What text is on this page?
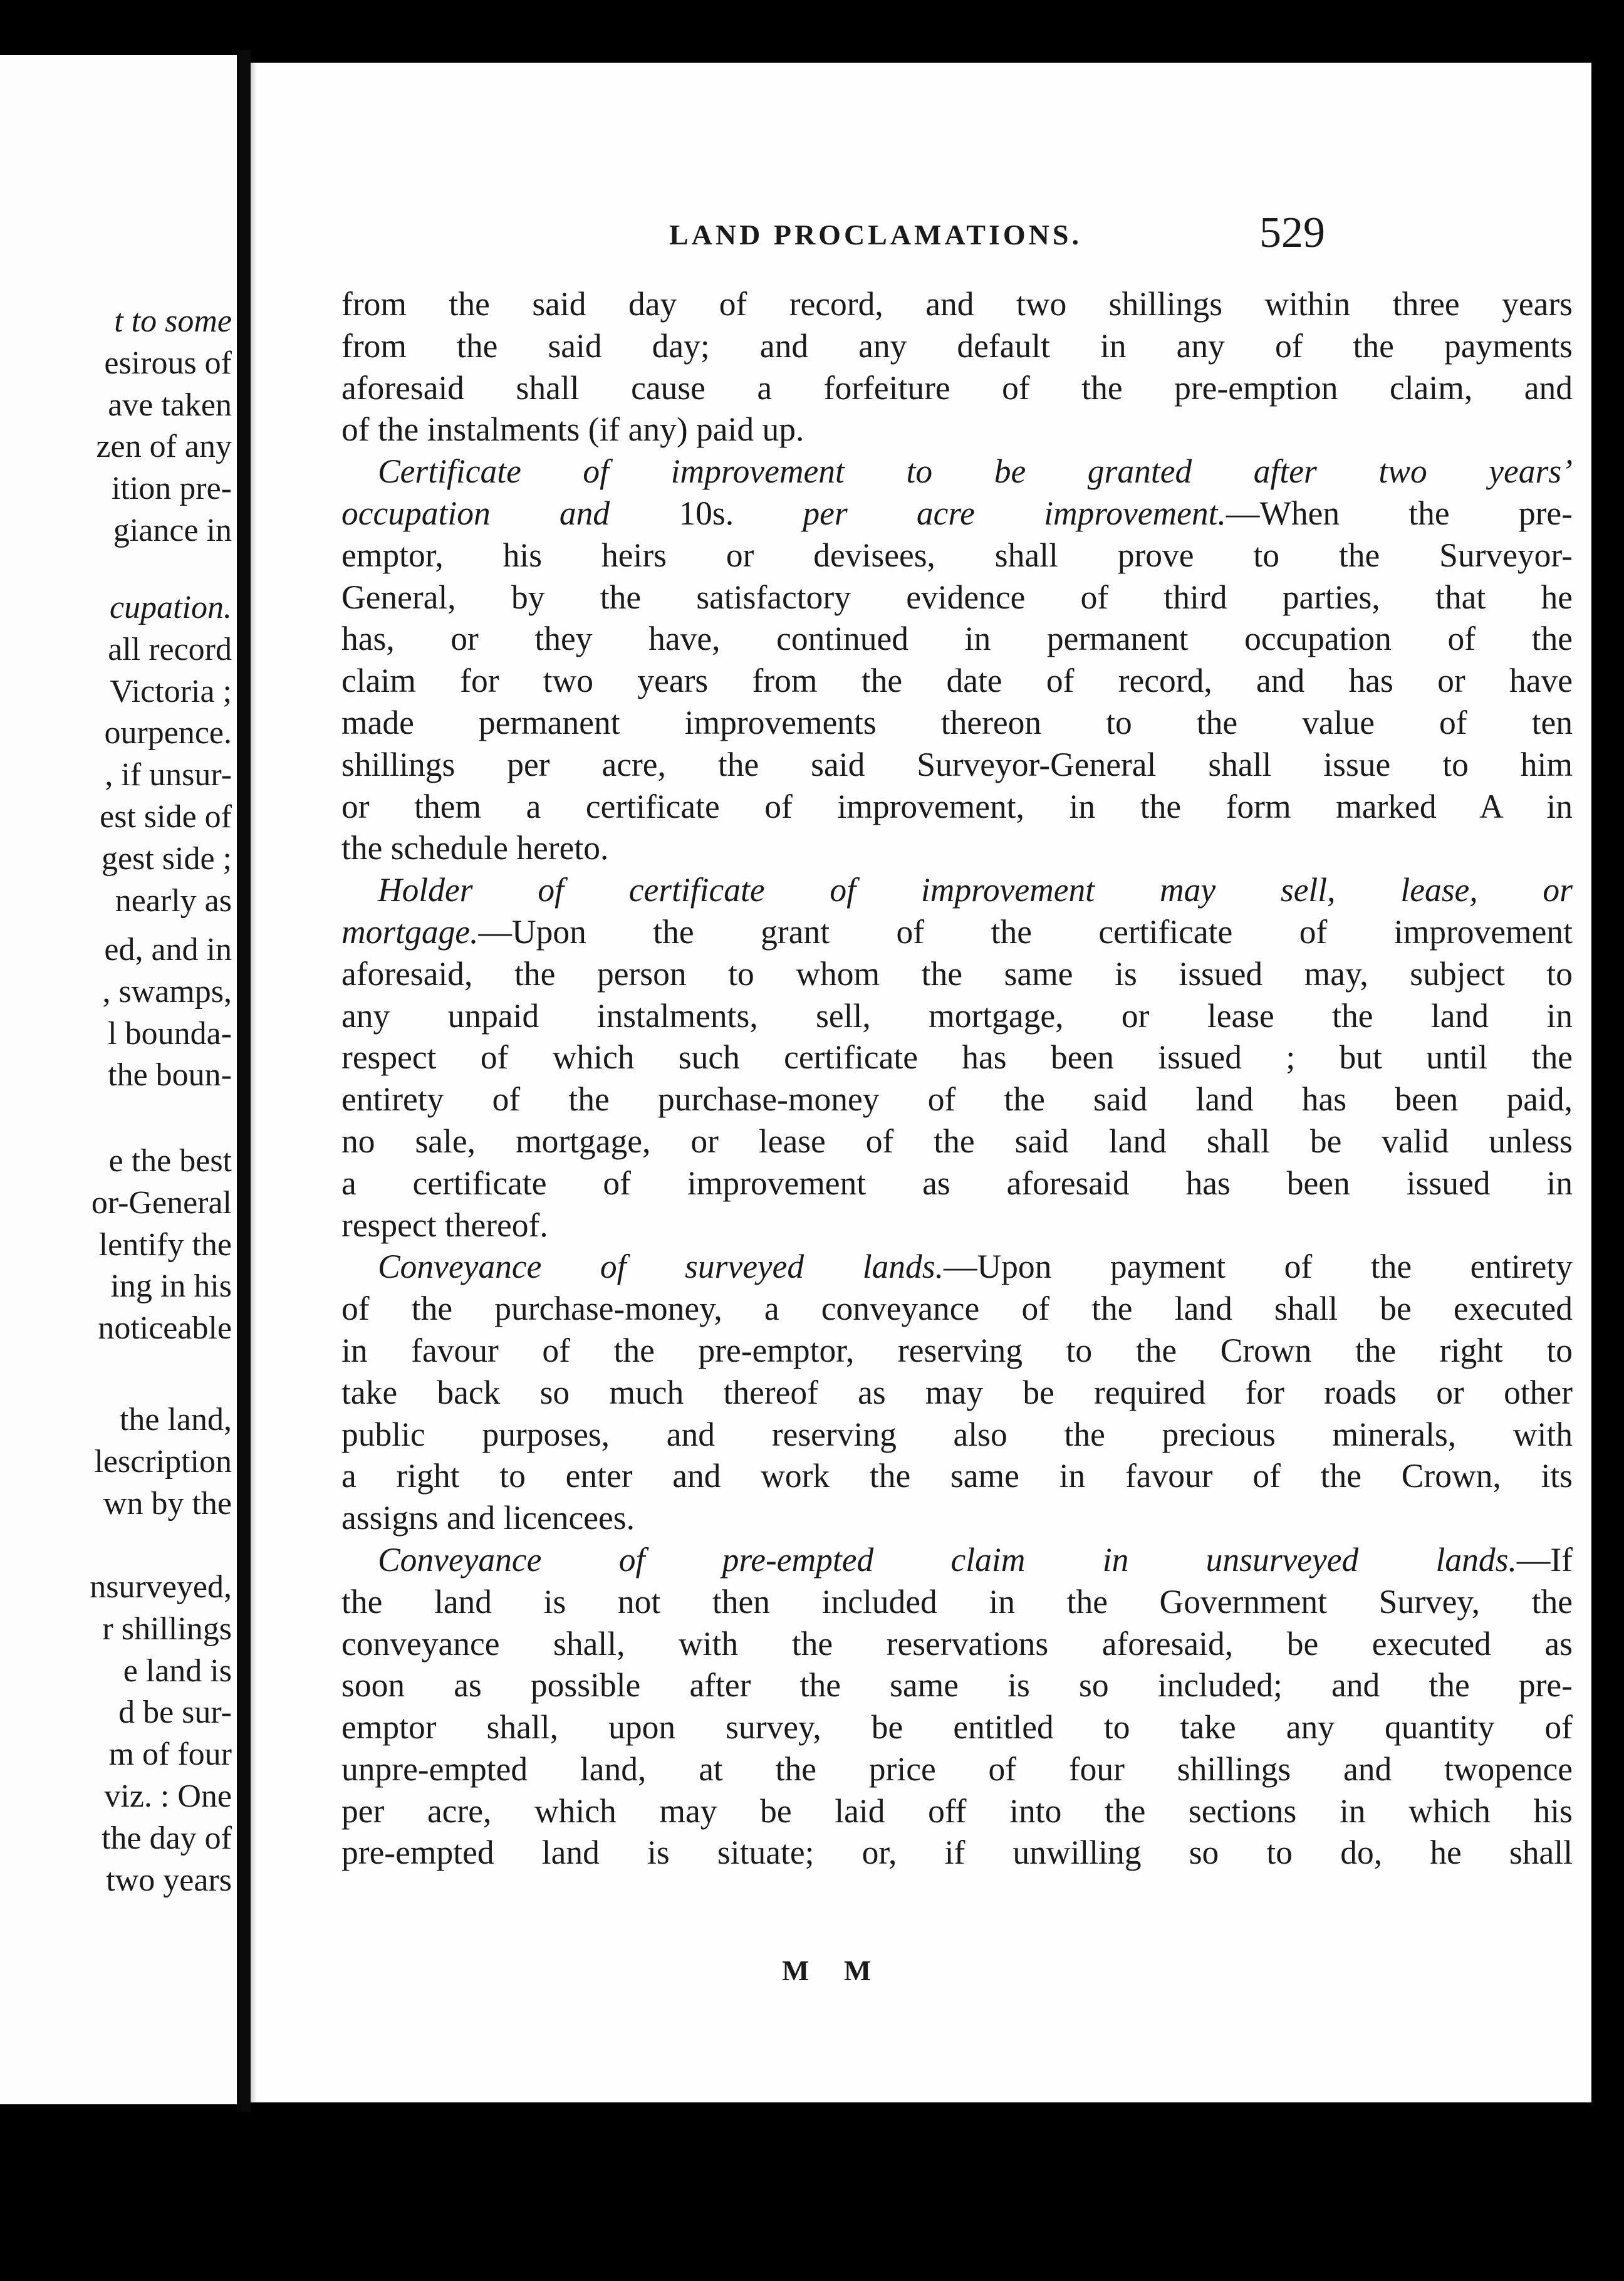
t to some
esirous of
ave taken
zen of any
ition pre-
giance in
cupation.
all record
Victoria ;
ourpence.
, if unsur-
est side of
gest side ;
nearly as
ed, and in
, swamps,
l bounda-
the boun-
e the best
or-General
lentify the
ing in his
noticeable
the land,
lescription
wn by the
nsurveyed,
r shillings
e land is
d be sur-
m of four
viz. : One
the day of
two years
LAND PROCLAMATIONS.	529
from the said day of record, and two shillings within three years
from the said day; and any default in any of the payments
aforesaid shall cause a forfeiture of the pre-emption claim, and
of the instalments (if any) paid up.
Certificate of improvement to be granted after two years’
occupation and 10s. per acre improvement.—When the pre-
emptor, his heirs or devisees, shall prove to the Surveyor-
General, by the satisfactory evidence of third parties, that he
has, or they have, continued in permanent occupation of the
claim for two years from the date of record, and has or have
made permanent improvements thereon to the value of ten
shillings per acre, the said Surveyor-General shall issue to him
or them a certificate of improvement, in the form marked A in
the schedule hereto.
Holder of certificate of improvement may sell, lease, or
mortgage.—Upon the grant of the certificate of improvement
aforesaid, the person to whom the same is issued may, subject to
any unpaid instalments, sell, mortgage, or lease the land in
respect of which such certificate has been issued ; but until the
entirety of the purchase-money of the said land has been paid,
no sale, mortgage, or lease of the said land shall be valid unless
a certificate of improvement as aforesaid has been issued in
respect thereof.
Conveyance of surveyed lands.—Upon payment of the entirety
of the purchase-money, a conveyance of the land shall be executed
in favour of the pre-emptor, reserving to the Crown the right to
take back so much thereof as may be required for roads or other
public purposes, and reserving also the precious minerals, with
a right to enter and work the same in favour of the Crown, its
assigns and licencees.
Conveyance of pre-empted claim in unsurveyed lands.—If
the land is not then included in the Government Survey, the
conveyance shall, with the reservations aforesaid, be executed as
soon as possible after the same is so included; and the pre-
emptor shall, upon survey, be entitled to take any quantity of
unpre-empted land, at the price of four shillings and twopence
per acre, which may be laid off into the sections in which his
pre-empted land is situate; or, if unwilling so to do, he shall
M M
